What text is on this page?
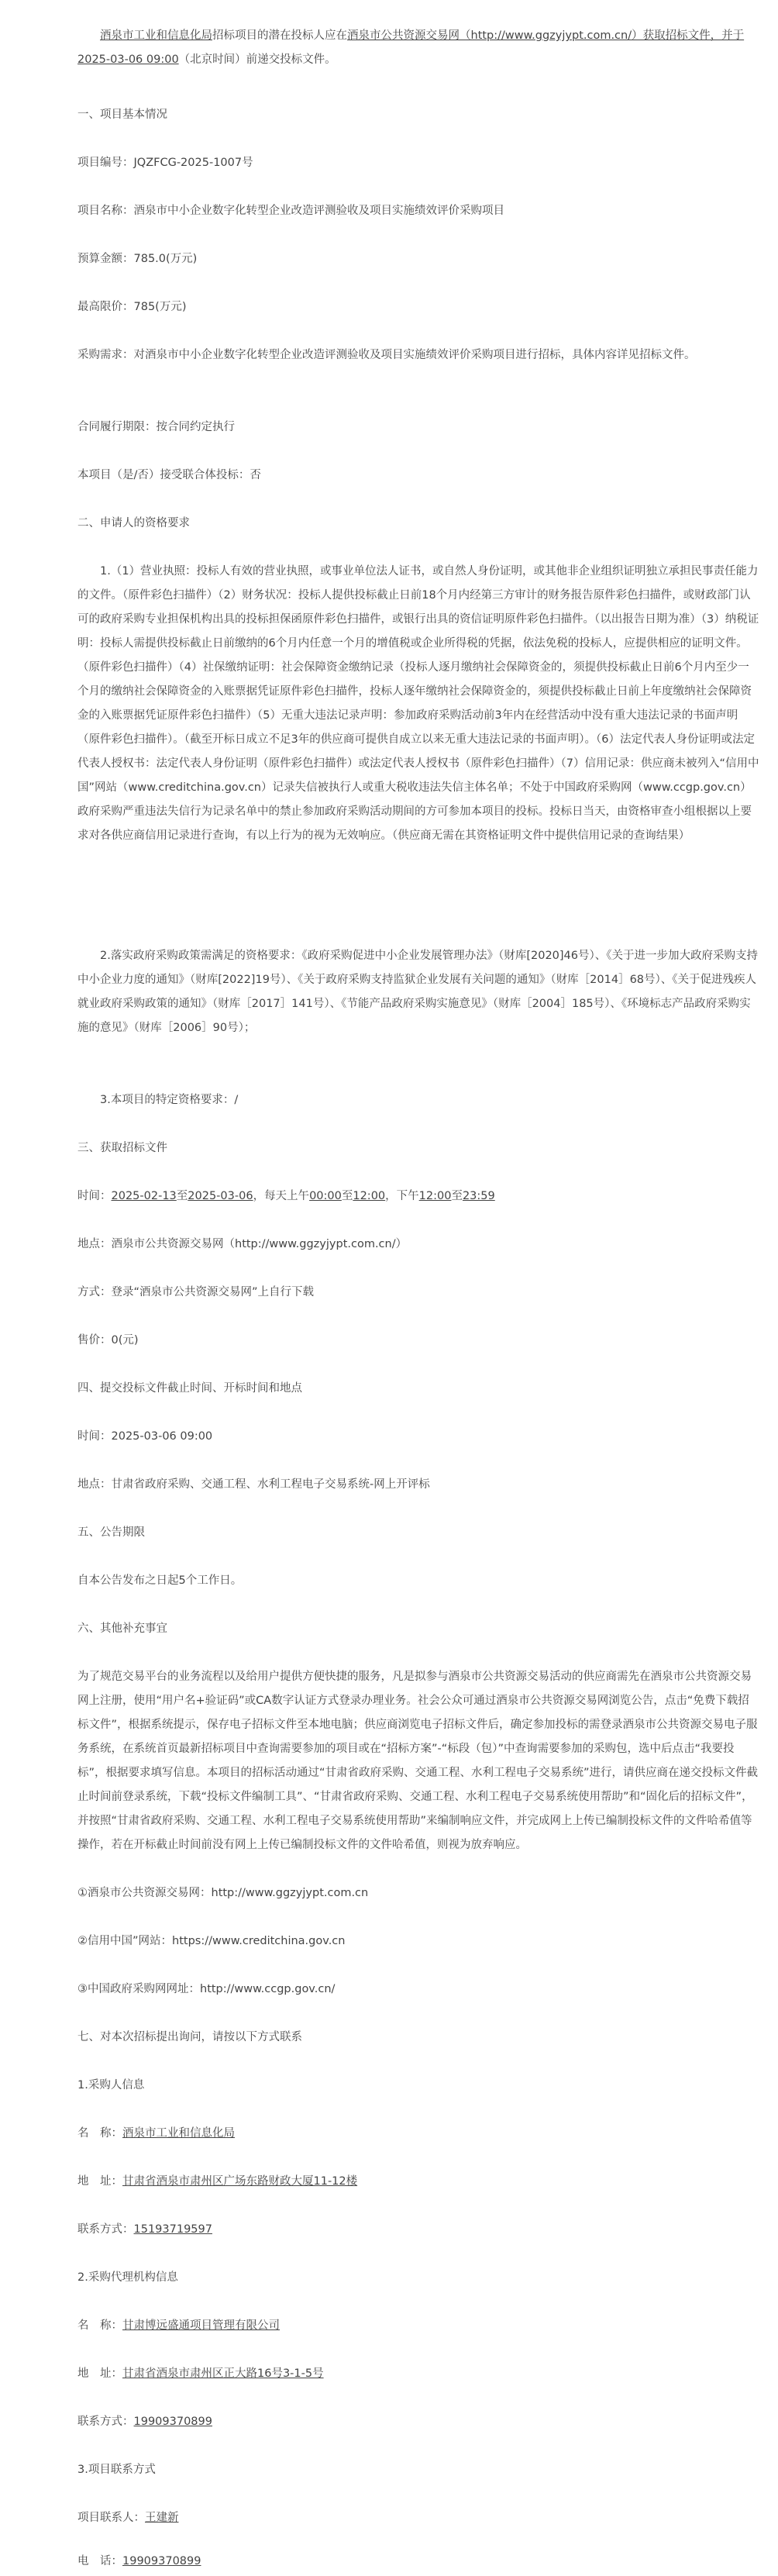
酒泉市工业和信息化局招标项目的潜在投标人应在酒泉市公共资源交易网（http://www.ggzyjypt.com.cn/）获取招标文件，并于2025-03-06 09:00（北京时间）前递交投标文件。

一、项目基本情况

项目编号：JQZFCG-2025-1007号

项目名称：酒泉市中小企业数字化转型企业改造评测验收及项目实施绩效评价采购项目

预算金额：785.0(万元)

最高限价：785(万元)

采购需求：对酒泉市中小企业数字化转型企业改造评测验收及项目实施绩效评价采购项目进行招标，具体内容详见招标文件。

合同履行期限：按合同约定执行

本项目（是/否）接受联合体投标：否

二、申请人的资格要求

1.（1）营业执照：投标人有效的营业执照，或事业单位法人证书，或自然人身份证明，或其他非企业组织证明独立承担民事责任能力的文件。（原件彩色扫描件）（2）财务状况：投标人提供投标截止日前18个月内经第三方审计的财务报告原件彩色扫描件，或财政部门认可的政府采购专业担保机构出具的投标担保函原件彩色扫描件，或银行出具的资信证明原件彩色扫描件。（以出报告日期为准）（3）纳税证明：投标人需提供投标截止日前缴纳的6个月内任意一个月的增值税或企业所得税的凭据，依法免税的投标人，应提供相应的证明文件。（原件彩色扫描件）（4）社保缴纳证明：社会保障资金缴纳记录（投标人逐月缴纳社会保障资金的，须提供投标截止日前6个月内至少一个月的缴纳社会保障资金的入账票据凭证原件彩色扫描件，投标人逐年缴纳社会保障资金的，须提供投标截止日前上年度缴纳社会保障资金的入账票据凭证原件彩色扫描件）（5）无重大违法记录声明：参加政府采购活动前3年内在经营活动中没有重大违法记录的书面声明（原件彩色扫描件）。（截至开标日成立不足3年的供应商可提供自成立以来无重大违法记录的书面声明）。（6）法定代表人身份证明或法定代表人授权书：法定代表人身份证明（原件彩色扫描件）或法定代表人授权书（原件彩色扫描件）（7）信用记录：供应商未被列入“信用中国”网站（www.creditchina.gov.cn）记录失信被执行人或重大税收违法失信主体名单；不处于中国政府采购网（www.ccgp.gov.cn）政府采购严重违法失信行为记录名单中的禁止参加政府采购活动期间的方可参加本项目的投标。投标日当天，由资格审查小组根据以上要求对各供应商信用记录进行查询，有以上行为的视为无效响应。（供应商无需在其资格证明文件中提供信用记录的查询结果）

2.落实政府采购政策需满足的资格要求：《政府采购促进中小企业发展管理办法》（财库[2020]46号）、《关于进一步加大政府采购支持中小企业力度的通知》（财库[2022]19号）、《关于政府采购支持监狱企业发展有关问题的通知》（财库［2014］68号）、《关于促进残疾人就业政府采购政策的通知》（财库［2017］141号）、《节能产品政府采购实施意见》（财库［2004］185号）、《环境标志产品政府采购实施的意见》（财库［2006］90号）；

3.本项目的特定资格要求：/

三、获取招标文件

时间：2025-02-13至2025-03-06，每天上午00:00至12:00，下午12:00至23:59

地点：酒泉市公共资源交易网（http://www.ggzyjypt.com.cn/）

方式：登录“酒泉市公共资源交易网”上自行下载

售价：0(元)

四、提交投标文件截止时间、开标时间和地点

时间：2025-03-06 09:00

地点：甘肃省政府采购、交通工程、水利工程电子交易系统-网上开评标

五、公告期限

自本公告发布之日起5个工作日。

六、其他补充事宜

为了规范交易平台的业务流程以及给用户提供方便快捷的服务，凡是拟参与酒泉市公共资源交易活动的供应商需先在酒泉市公共资源交易网上注册，使用“用户名+验证码”或CA数字认证方式登录办理业务。社会公众可通过酒泉市公共资源交易网浏览公告，点击“免费下载招标文件”，根据系统提示，保存电子招标文件至本地电脑；供应商浏览电子招标文件后，确定参加投标的需登录酒泉市公共资源交易电子服务系统，在系统首页最新招标项目中查询需要参加的项目或在“招标方案”-“标段（包）”中查询需要参加的采购包，选中后点击“我要投标”，根据要求填写信息。本项目的招标活动通过“甘肃省政府采购、交通工程、水利工程电子交易系统”进行，请供应商在递交投标文件截止时间前登录系统，下载“投标文件编制工具”、“甘肃省政府采购、交通工程、水利工程电子交易系统使用帮助”和“固化后的招标文件”，并按照“甘肃省政府采购、交通工程、水利工程电子交易系统使用帮助”来编制响应文件，并完成网上上传已编制投标文件的文件哈希值等操作，若在开标截止时间前没有网上上传已编制投标文件的文件哈希值，则视为放弃响应。

①酒泉市公共资源交易网：http://www.ggzyjypt.com.cn

②信用中国”网站：https://www.creditchina.gov.cn

③中国政府采购网网址：http://www.ccgp.gov.cn/

七、对本次招标提出询问，请按以下方式联系

1.采购人信息

名　称：酒泉市工业和信息化局

地　址：甘肃省酒泉市肃州区广场东路财政大厦11-12楼

联系方式：15193719597

2.采购代理机构信息

名　称：甘肃博远盛通项目管理有限公司

地　址：甘肃省酒泉市肃州区正大路16号3-1-5号

联系方式：19909370899

3.项目联系方式

项目联系人：王建新

电　话：19909370899
